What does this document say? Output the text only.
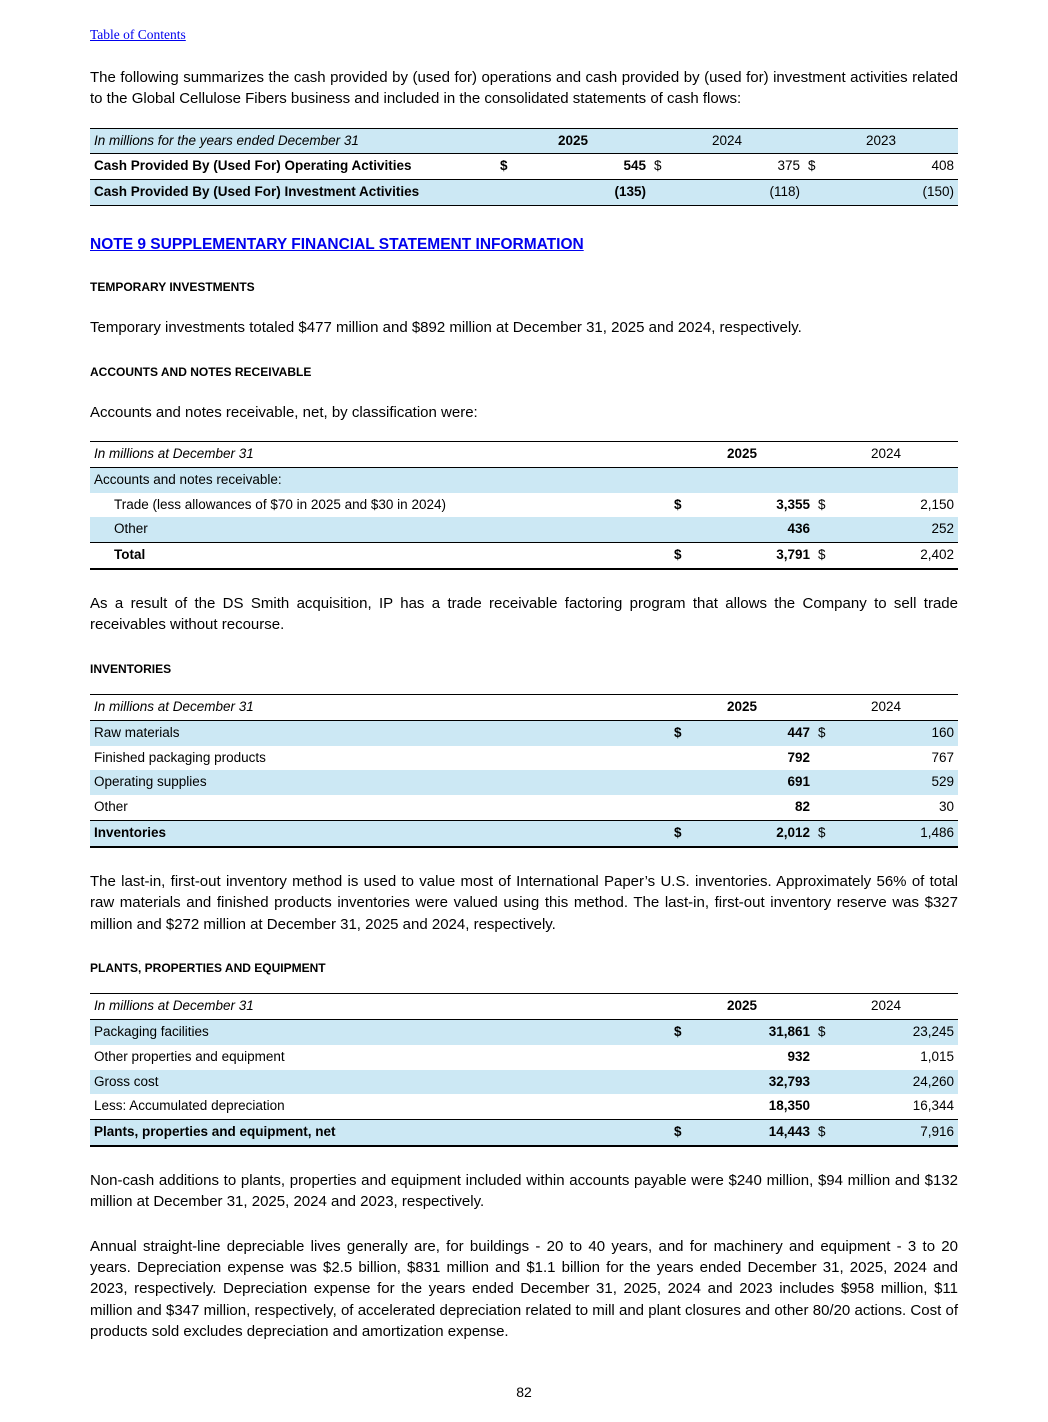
Table of Contents

The following summarizes the cash provided by (used for) operations and cash provided by (used for) investment activities related to the Global Cellulose Fibers business and included in the consolidated statements of cash flows:

In millions for the years ended December 31	2025		2024		2023	
Cash Provided By (Used For) Operating Activities	$	545	$	375	$	408
Cash Provided By (Used For) Investment Activities		(135)		(118)		(150)
NOTE 9 SUPPLEMENTARY FINANCIAL STATEMENT INFORMATION
TEMPORARY INVESTMENTS

Temporary investments totaled $477 million and $892 million at December 31, 2025 and 2024, respectively.

ACCOUNTS AND NOTES RECEIVABLE

Accounts and notes receivable, net, by classification were:

In millions at December 31	2025		2024	
Accounts and notes receivable:				
Trade (less allowances of $70 in 2025 and $30 in 2024)	$	3,355	$	2,150
Other		436		252
Total	$	3,791	$	2,402

As a result of the DS Smith acquisition, IP has a trade receivable factoring program that allows the Company to sell trade receivables without recourse.

INVENTORIES
In millions at December 31	2025		2024	
Raw materials	$	447	$	160
Finished packaging products		792		767
Operating supplies		691		529
Other		82		30
Inventories	$	2,012	$	1,486

The last-in, first-out inventory method is used to value most of International Paper’s U.S. inventories. Approximately 56% of total raw materials and finished products inventories were valued using this method. The last-in, first-out inventory reserve was $327 million and $272 million at December 31, 2025 and 2024, respectively.

PLANTS, PROPERTIES AND EQUIPMENT
In millions at December 31	2025		2024	
Packaging facilities	$	31,861	$	23,245
Other properties and equipment		932		1,015
Gross cost		32,793		24,260
Less: Accumulated depreciation		18,350		16,344
Plants, properties and equipment, net	$	14,443	$	7,916

Non-cash additions to plants, properties and equipment included within accounts payable were $240 million, $94 million and $132 million at December 31, 2025, 2024 and 2023, respectively.

Annual straight-line depreciable lives generally are, for buildings - 20 to 40 years, and for machinery and equipment - 3 to 20 years. Depreciation expense was $2.5 billion, $831 million and $1.1 billion for the years ended December 31, 2025, 2024 and 2023, respectively. Depreciation expense for the years ended December 31, 2025, 2024 and 2023 includes $958 million, $11 million and $347 million, respectively, of accelerated depreciation related to mill and plant closures and other 80/20 actions. Cost of products sold excludes depreciation and amortization expense.

82
